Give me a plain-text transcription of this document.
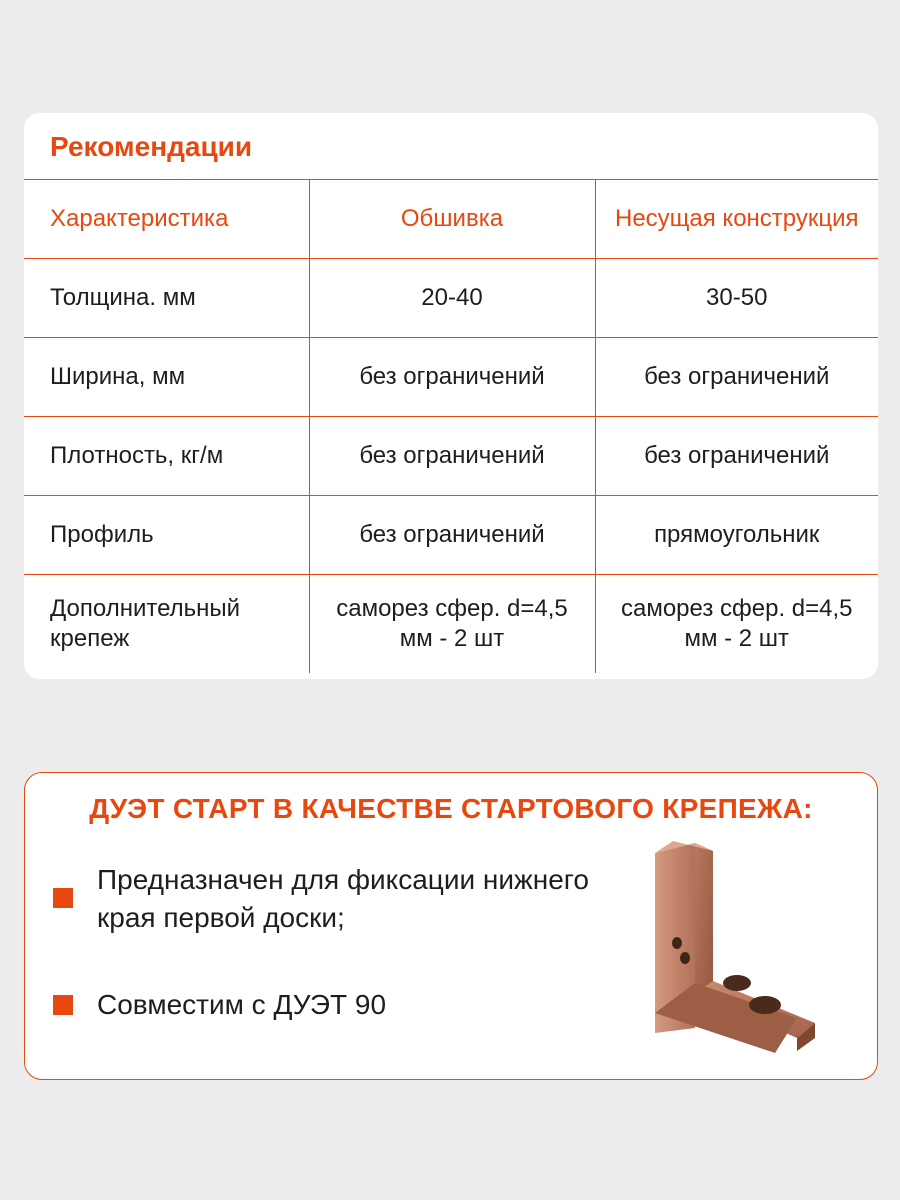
Рекомендации
Характеристика	Обшивка	Несущая конструкция
Толщина. мм	20-40	30-50
Ширина, мм	без ограничений	без ограничений
Плотность, кг/м	без ограничений	без ограничений
Профиль	без ограничений	прямоугольник
Дополнительный крепеж	саморез сфер. d=4,5 мм - 2 шт	саморез сфер. d=4,5 мм - 2 шт
ДУЭТ СТАРТ В КАЧЕСТВЕ СТАРТОВОГО КРЕПЕЖА:
Предназначен для фиксации нижнего края первой доски;
Совместим с ДУЭТ 90
